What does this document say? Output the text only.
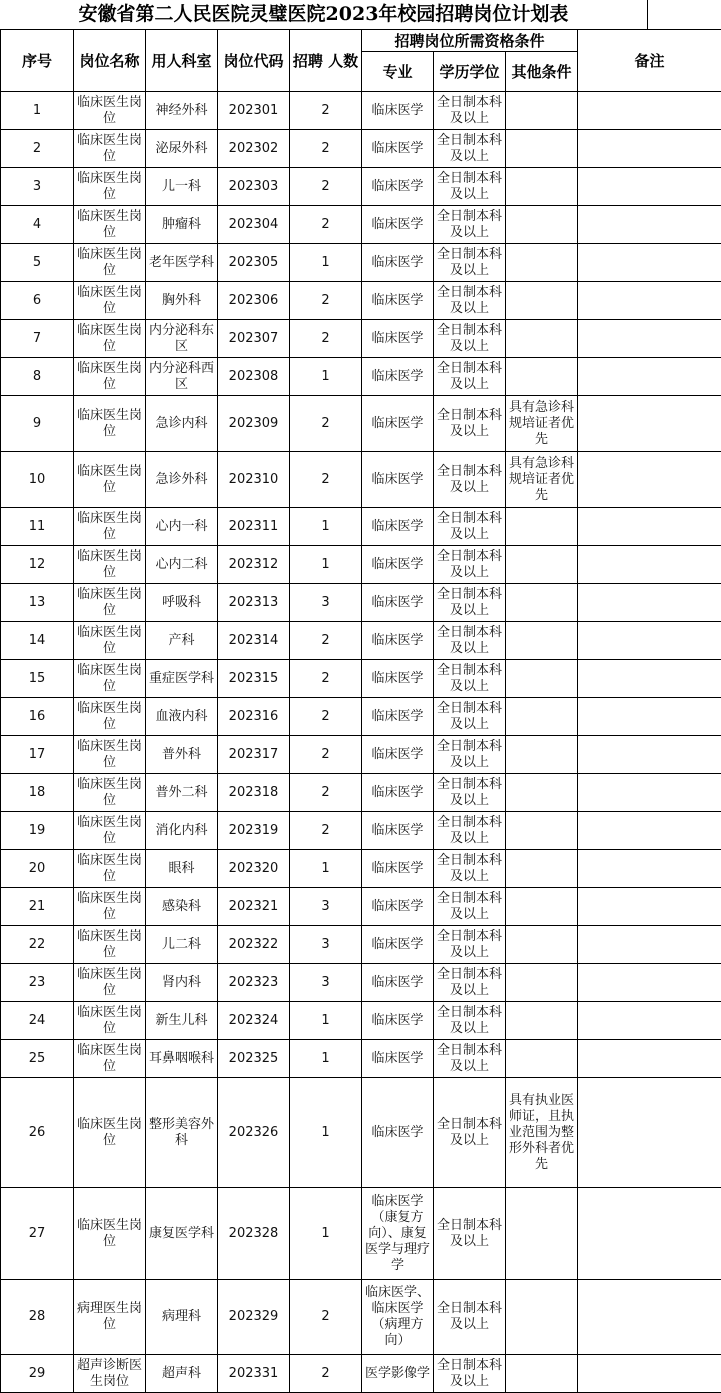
安徽省第二人民医院灵璧医院2023年校园招聘岗位计划表
序号	岗位名称	用人科室	岗位代码	招聘 人数	招聘岗位所需资格条件			备注
					专业	学历学位	其他条件	
1	临床医生岗位	神经外科	202301	2	临床医学	全日制本科及以上		
2	临床医生岗位	泌尿外科	202302	2	临床医学	全日制本科及以上		
3	临床医生岗位	儿一科	202303	2	临床医学	全日制本科及以上		
4	临床医生岗位	肿瘤科	202304	2	临床医学	全日制本科及以上		
5	临床医生岗位	老年医学科	202305	1	临床医学	全日制本科及以上		
6	临床医生岗位	胸外科	202306	2	临床医学	全日制本科及以上		
7	临床医生岗位	内分泌科东区	202307	2	临床医学	全日制本科及以上		
8	临床医生岗位	内分泌科西区	202308	1	临床医学	全日制本科及以上		
9	临床医生岗位	急诊内科	202309	2	临床医学	全日制本科及以上	具有急诊科规培证者优先	
10	临床医生岗位	急诊外科	202310	2	临床医学	全日制本科及以上	具有急诊科规培证者优先	
11	临床医生岗位	心内一科	202311	1	临床医学	全日制本科及以上		
12	临床医生岗位	心内二科	202312	1	临床医学	全日制本科及以上		
13	临床医生岗位	呼吸科	202313	3	临床医学	全日制本科及以上		
14	临床医生岗位	产科	202314	2	临床医学	全日制本科及以上		
15	临床医生岗位	重症医学科	202315	2	临床医学	全日制本科及以上		
16	临床医生岗位	血液内科	202316	2	临床医学	全日制本科及以上		
17	临床医生岗位	普外科	202317	2	临床医学	全日制本科及以上		
18	临床医生岗位	普外二科	202318	2	临床医学	全日制本科及以上		
19	临床医生岗位	消化内科	202319	2	临床医学	全日制本科及以上		
20	临床医生岗位	眼科	202320	1	临床医学	全日制本科及以上		
21	临床医生岗位	感染科	202321	3	临床医学	全日制本科及以上		
22	临床医生岗位	儿二科	202322	3	临床医学	全日制本科及以上		
23	临床医生岗位	肾内科	202323	3	临床医学	全日制本科及以上		
24	临床医生岗位	新生儿科	202324	1	临床医学	全日制本科及以上		
25	临床医生岗位	耳鼻咽喉科	202325	1	临床医学	全日制本科及以上		
26	临床医生岗位	整形美容外科	202326	1	临床医学	全日制本科及以上	具有执业医师证，且执业范围为整形外科者优先	
27	临床医生岗位	康复医学科	202328	1	临床医学（康复方向）、康复医学与理疗学	全日制本科及以上		
28	病理医生岗位	病理科	202329	2	临床医学、临床医学（病理方向）	全日制本科及以上		
29	超声诊断医生岗位	超声科	202331	2	医学影像学	全日制本科及以上		
